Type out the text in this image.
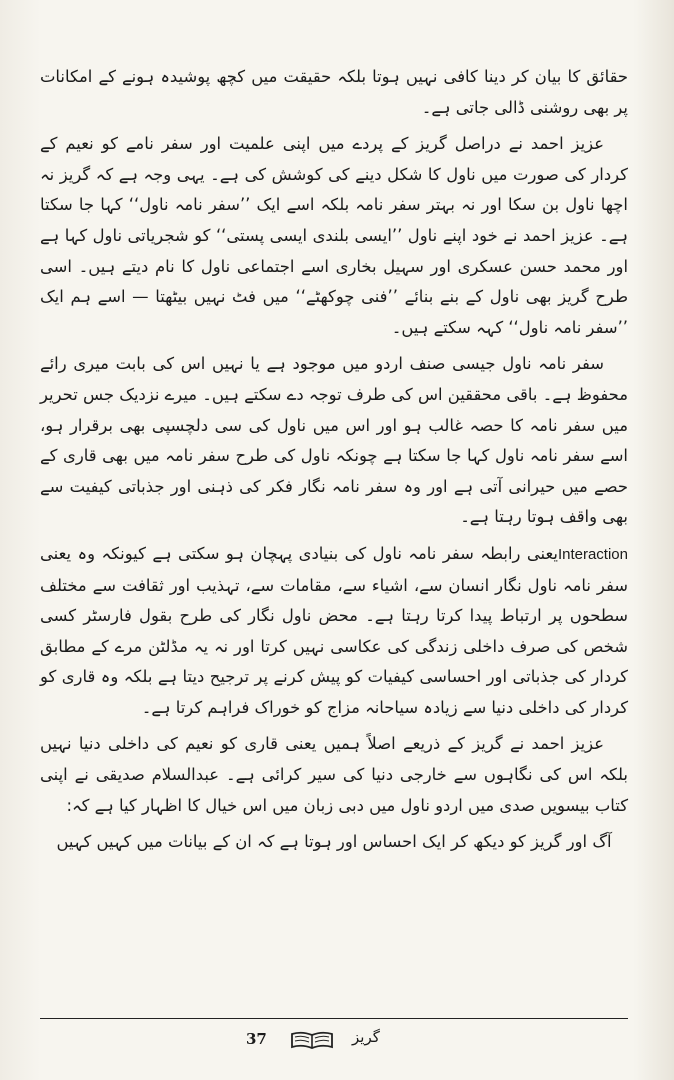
حقائق کا بیان کر دینا کافی نہیں ہوتا بلکہ حقیقت میں کچھ پوشیدہ ہونے کے امکانات پر بھی روشنی ڈالی جاتی ہے۔

عزیز احمد نے دراصل گریز کے پردے میں اپنی علمیت اور سفر نامے کو نعیم کے کردار کی صورت میں ناول کا شکل دینے کی کوشش کی ہے۔ یہی وجہ ہے کہ گریز نہ اچھا ناول بن سکا اور نہ بہتر سفر نامہ بلکہ اسے ایک ’’سفر نامہ ناول‘‘ کہا جا سکتا ہے۔ عزیز احمد نے خود اپنے ناول ’’ایسی بلندی ایسی پستی‘‘ کو شجریاتی ناول کہا ہے اور محمد حسن عسکری اور سہیل بخاری اسے اجتماعی ناول کا نام دیتے ہیں۔ اسی طرح گریز بھی ناول کے بنے بنائے ’’فنی چوکھٹے‘‘ میں فٹ نہیں بیٹھتا — اسے ہم ایک ’’سفر نامہ ناول‘‘ کہہ سکتے ہیں۔

سفر نامہ ناول جیسی صنف اردو میں موجود ہے یا نہیں اس کی بابت میری رائے محفوظ ہے۔ باقی محققین اس کی طرف توجہ دے سکتے ہیں۔ میرے نزدیک جس تحریر میں سفر نامہ کا حصہ غالب ہو اور اس میں ناول کی سی دلچسپی بھی برقرار ہو، اسے سفر نامہ ناول کہا جا سکتا ہے چونکہ ناول کی طرح سفر نامہ میں بھی قاری کے حصے میں حیرانی آتی ہے اور وہ سفر نامہ نگار فکر کی ذہنی اور جذباتی کیفیت سے بھی واقف ہوتا رہتا ہے۔

Interactionیعنی رابطہ سفر نامہ ناول کی بنیادی پہچان ہو سکتی ہے کیونکہ وہ یعنی سفر نامہ ناول نگار انسان سے، اشیاء سے، مقامات سے، تہذیب اور ثقافت سے مختلف سطحوں پر ارتباط پیدا کرتا رہتا ہے۔ محض ناول نگار کی طرح بقول فارسٹر کسی شخص کی صرف داخلی زندگی کی عکاسی نہیں کرتا اور نہ یہ مڈلٹن مرے کے مطابق کردار کی جذباتی اور احساسی کیفیات کو پیش کرنے پر ترجیح دیتا ہے بلکہ وہ قاری کو کردار کی داخلی دنیا سے زیادہ سیاحانہ مزاج کو خوراک فراہم کرتا ہے۔

عزیز احمد نے گریز کے ذریعے اصلاً ہمیں یعنی قاری کو نعیم کی داخلی دنیا نہیں بلکہ اس کی نگاہوں سے خارجی دنیا کی سیر کرائی ہے۔ عبدالسلام صدیقی نے اپنی کتاب بیسویں صدی میں اردو ناول میں دبی زبان میں اس خیال کا اظہار کیا ہے کہ:

آگ اور گریز کو دیکھ کر ایک احساس اور ہوتا ہے کہ ان کے بیانات میں کہیں کہیں

37	گریز
